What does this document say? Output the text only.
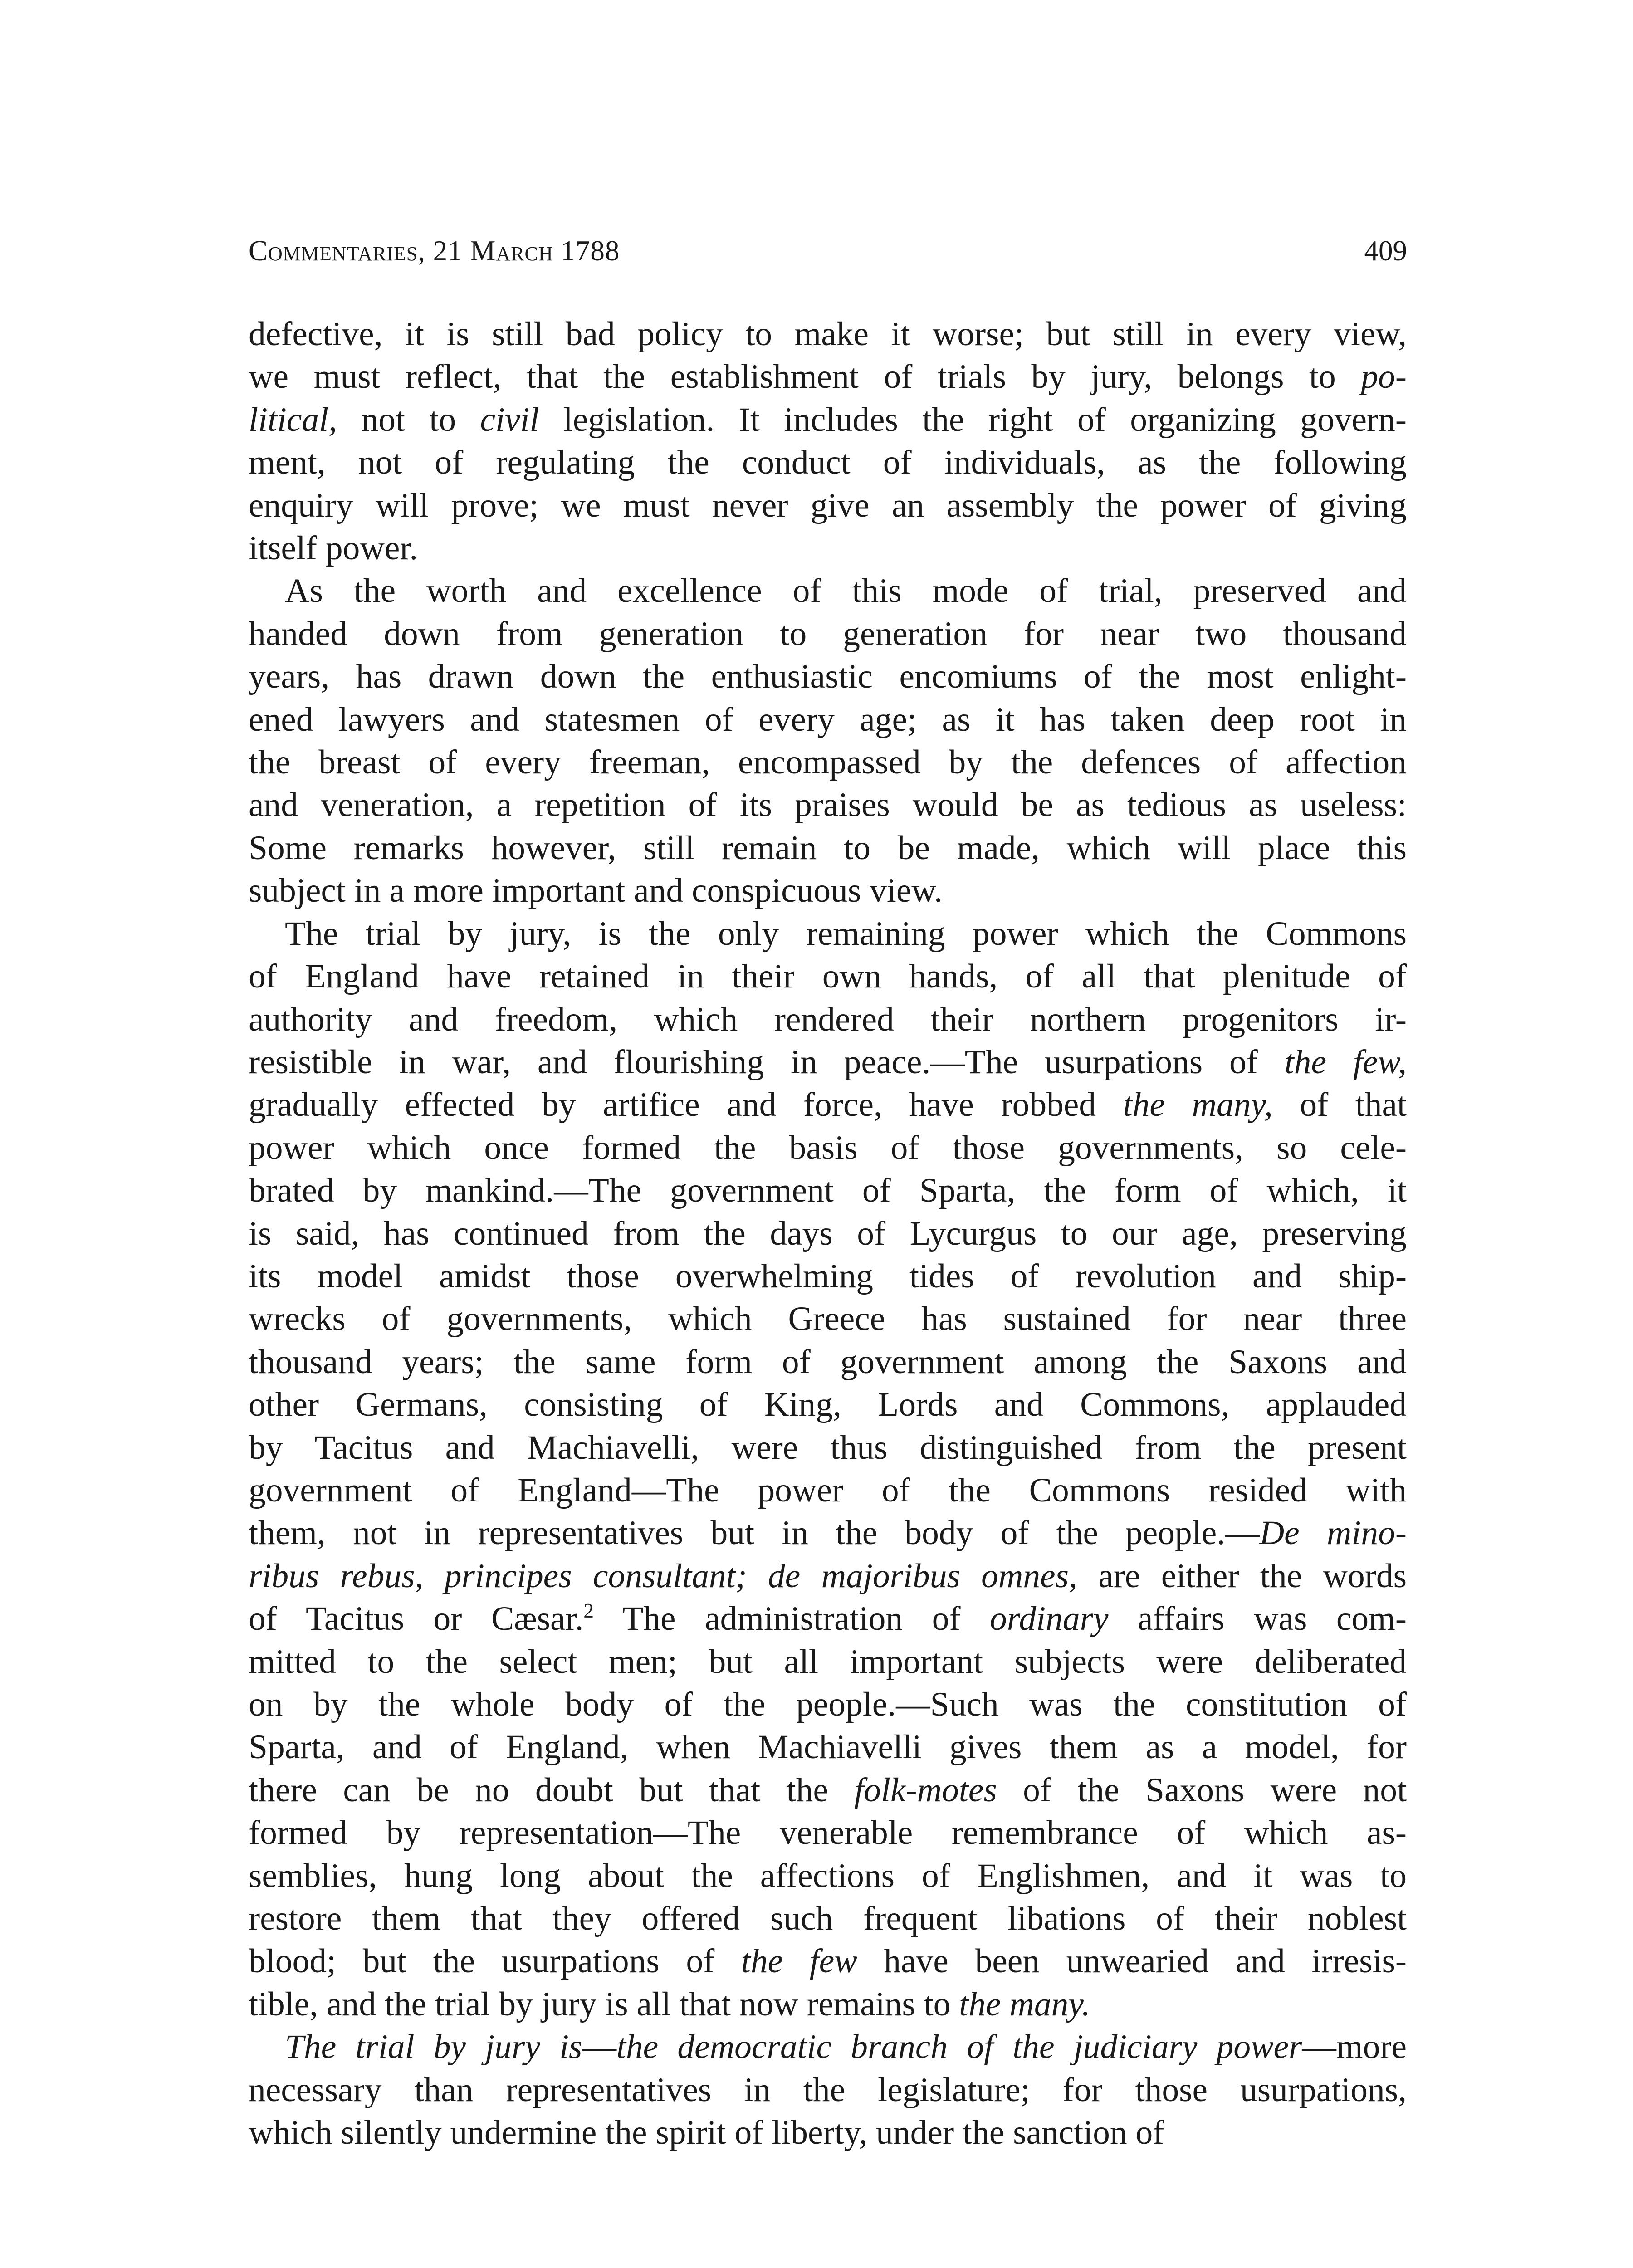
Commentaries, 21 March 1788	409

defective, it is still bad policy to make it worse; but still in every view,
we must reflect, that the establishment of trials by jury, belongs to po-
litical, not to civil legislation. It includes the right of organizing govern-
ment, not of regulating the conduct of individuals, as the following
enquiry will prove; we must never give an assembly the power of giving
itself power.

As the worth and excellence of this mode of trial, preserved and
handed down from generation to generation for near two thousand
years, has drawn down the enthusiastic encomiums of the most enlight-
ened lawyers and statesmen of every age; as it has taken deep root in
the breast of every freeman, encompassed by the defences of affection
and veneration, a repetition of its praises would be as tedious as useless:
Some remarks however, still remain to be made, which will place this
subject in a more important and conspicuous view.

The trial by jury, is the only remaining power which the Commons
of England have retained in their own hands, of all that plenitude of
authority and freedom, which rendered their northern progenitors ir-
resistible in war, and flourishing in peace.—The usurpations of the few,
gradually effected by artifice and force, have robbed the many, of that
power which once formed the basis of those governments, so cele-
brated by mankind.—The government of Sparta, the form of which, it
is said, has continued from the days of Lycurgus to our age, preserving
its model amidst those overwhelming tides of revolution and ship-
wrecks of governments, which Greece has sustained for near three
thousand years; the same form of government among the Saxons and
other Germans, consisting of King, Lords and Commons, applauded
by Tacitus and Machiavelli, were thus distinguished from the present
government of England—The power of the Commons resided with
them, not in representatives but in the body of the people.—De mino-
ribus rebus, principes consultant; de majoribus omnes, are either the words
of Tacitus or Cæsar.$^2$ The administration of ordinary affairs was com-
mitted to the select men; but all important subjects were deliberated
on by the whole body of the people.—Such was the constitution of
Sparta, and of England, when Machiavelli gives them as a model, for
there can be no doubt but that the folk-motes of the Saxons were not
formed by representation—The venerable remembrance of which as-
semblies, hung long about the affections of Englishmen, and it was to
restore them that they offered such frequent libations of their noblest
blood; but the usurpations of the few have been unwearied and irresis-
tible, and the trial by jury is all that now remains to the many.

The trial by jury is—the democratic branch of the judiciary power—more
necessary than representatives in the legislature; for those usurpations,
which silently undermine the spirit of liberty, under the sanction of
